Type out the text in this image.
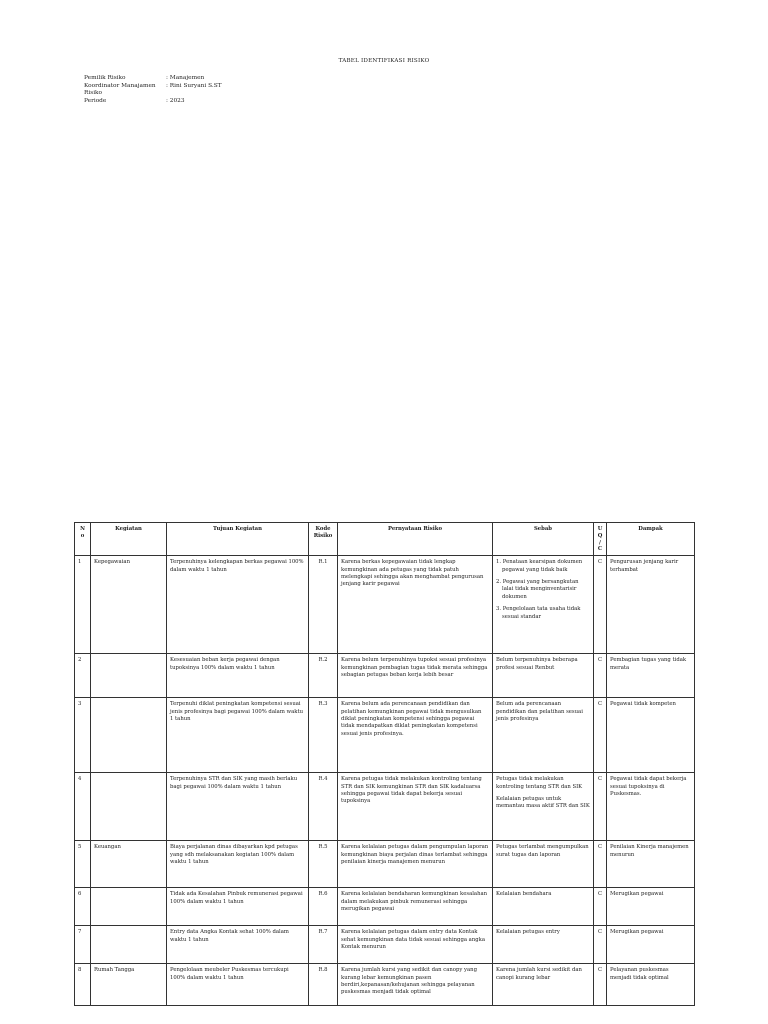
TABEL IDENTIFIKASI RISIKO
Pemilik Risiko	: Manajemen
Koordinator Manajamen Risiko
: Rini Suryani S.ST
Periode	: 2023
N o	Kegiatan	Tujuan Kegiatan	Kode Risiko	Pernyataan Risiko	Sebab	U Q/ C	Dampak
1	Kepegawaian	Terpenuhinya kelengkapan berkas pegawai 100% dalam waktu 1 tahun	R.1	Karena berkas kepegawaian tidak lengkap kemungkinan ada petugas yang tidak patuh melengkapi sehingga akan menghambat pengurusan jenjang karir pegawai	1. Penataan kearsipan dokumen pegawai yang tidak baik
2. Pegawai yang bersangkutan lalai tidak menginventarisir dokumen
3. Pengelolaan tata usaha tidak sesuai standar	C	Pengurusan jenjang karir terhambat
2		Kesesuaian beban kerja pegawai dengan tupoksinya 100% dalam waktu 1 tahun	R.2	Karena belum terpenuhinya tupoksi sesuai profesinya kemungkinan pembagian tugas tidak merata sehingga sebagian petugas beban kerja lebih besar	Belum terpenuhinya beberapa profesi sesuai Renbut	C	Pembagian tugas yang tidak merata
3		Terpenuhi diklat peningkatan kompetensi sesuai jenis profesinya bagi pegawai 100% dalam waktu 1 tahun	R.3	Karena belum ada perencanaan pendidikan dan pelatihan kemungkinan pegawai tidak mengusulkan diklat peningkatan kompetensi sehingga pegawai tidak mendapatkan diklat peningkatan kompetensi sesuai jenis profesinya.	Belum ada perencanaan pendidikan dan pelatihan sesuai jenis profesinya	C	Pegawai tidak kompeten
4		Terpenuhinya STR dan SIK yang masih berlaku bagi pegawai 100% dalam waktu 1 tahun	R.4	Karena petugas tidak melakukan kontroling tentang STR dan SIK kemungkinan STR dan SIK kadaluarsa sehingga pegawai tidak dapat bekerja sesuai tupoksinya	Petugas tidak melakukan kontroling tentang STR dan SIK
Kelalaian petugas untuk memantau masa aktif STR dan SIK	C	Pegawai tidak dapat bekerja sesuai tupoksinya di Puskesmas.
5	Keuangan	Biaya perjalanan dinas dibayarkan kpd petugas yang sdh melaksanakan kegiatan 100% dalam waktu 1 tahun	R.5	Karena kelalaian petugas dalam pengumpulan laporan kemungkinan biaya perjalan dinas terlambat sehingga penilaian kinerja manajemen menurun	Petugas terlambat mengumpulkan surat tugas dan laporan	C	Penilaian Kinerja manajemen menurun
6		Tidak ada Kesalahan Pinbuk remunerasi pegawai 100% dalam waktu 1 tahun	R.6	Karena kelalaian bendaharan kemungkinan kesalahan dalam melakukan pinbuk remunerasi sehingga merugikan pegawai	Kelalaian bendahara	C	Merugikan pegawai
7		Entry data Angka Kontak sehat 100% dalam waktu 1 tahun	R.7	Karena kelalaian petugas dalam entry data Kontak sehat kemungkinan data tidak sesuai sehingga angka Kontak menurun	Kelalaian petugas entry	C	Merugikan pegawai
8	Rumah Tangga	Pengelolaan meubeler Puskesmas tercukupi 100% dalam waktu 1 tahun	R.8	Karena jumlah kursi yang sedikit dan canopy yang kurang lebar kemungkinan pasen berdiri,kepanasan/kehujanan sehingga pelayanan puskesmas menjadi tidak optimal	Karena jumlah kursi sedikit dan canopi kurang lebar	C	Pelayanan puskesmas menjadi tidak optimal
